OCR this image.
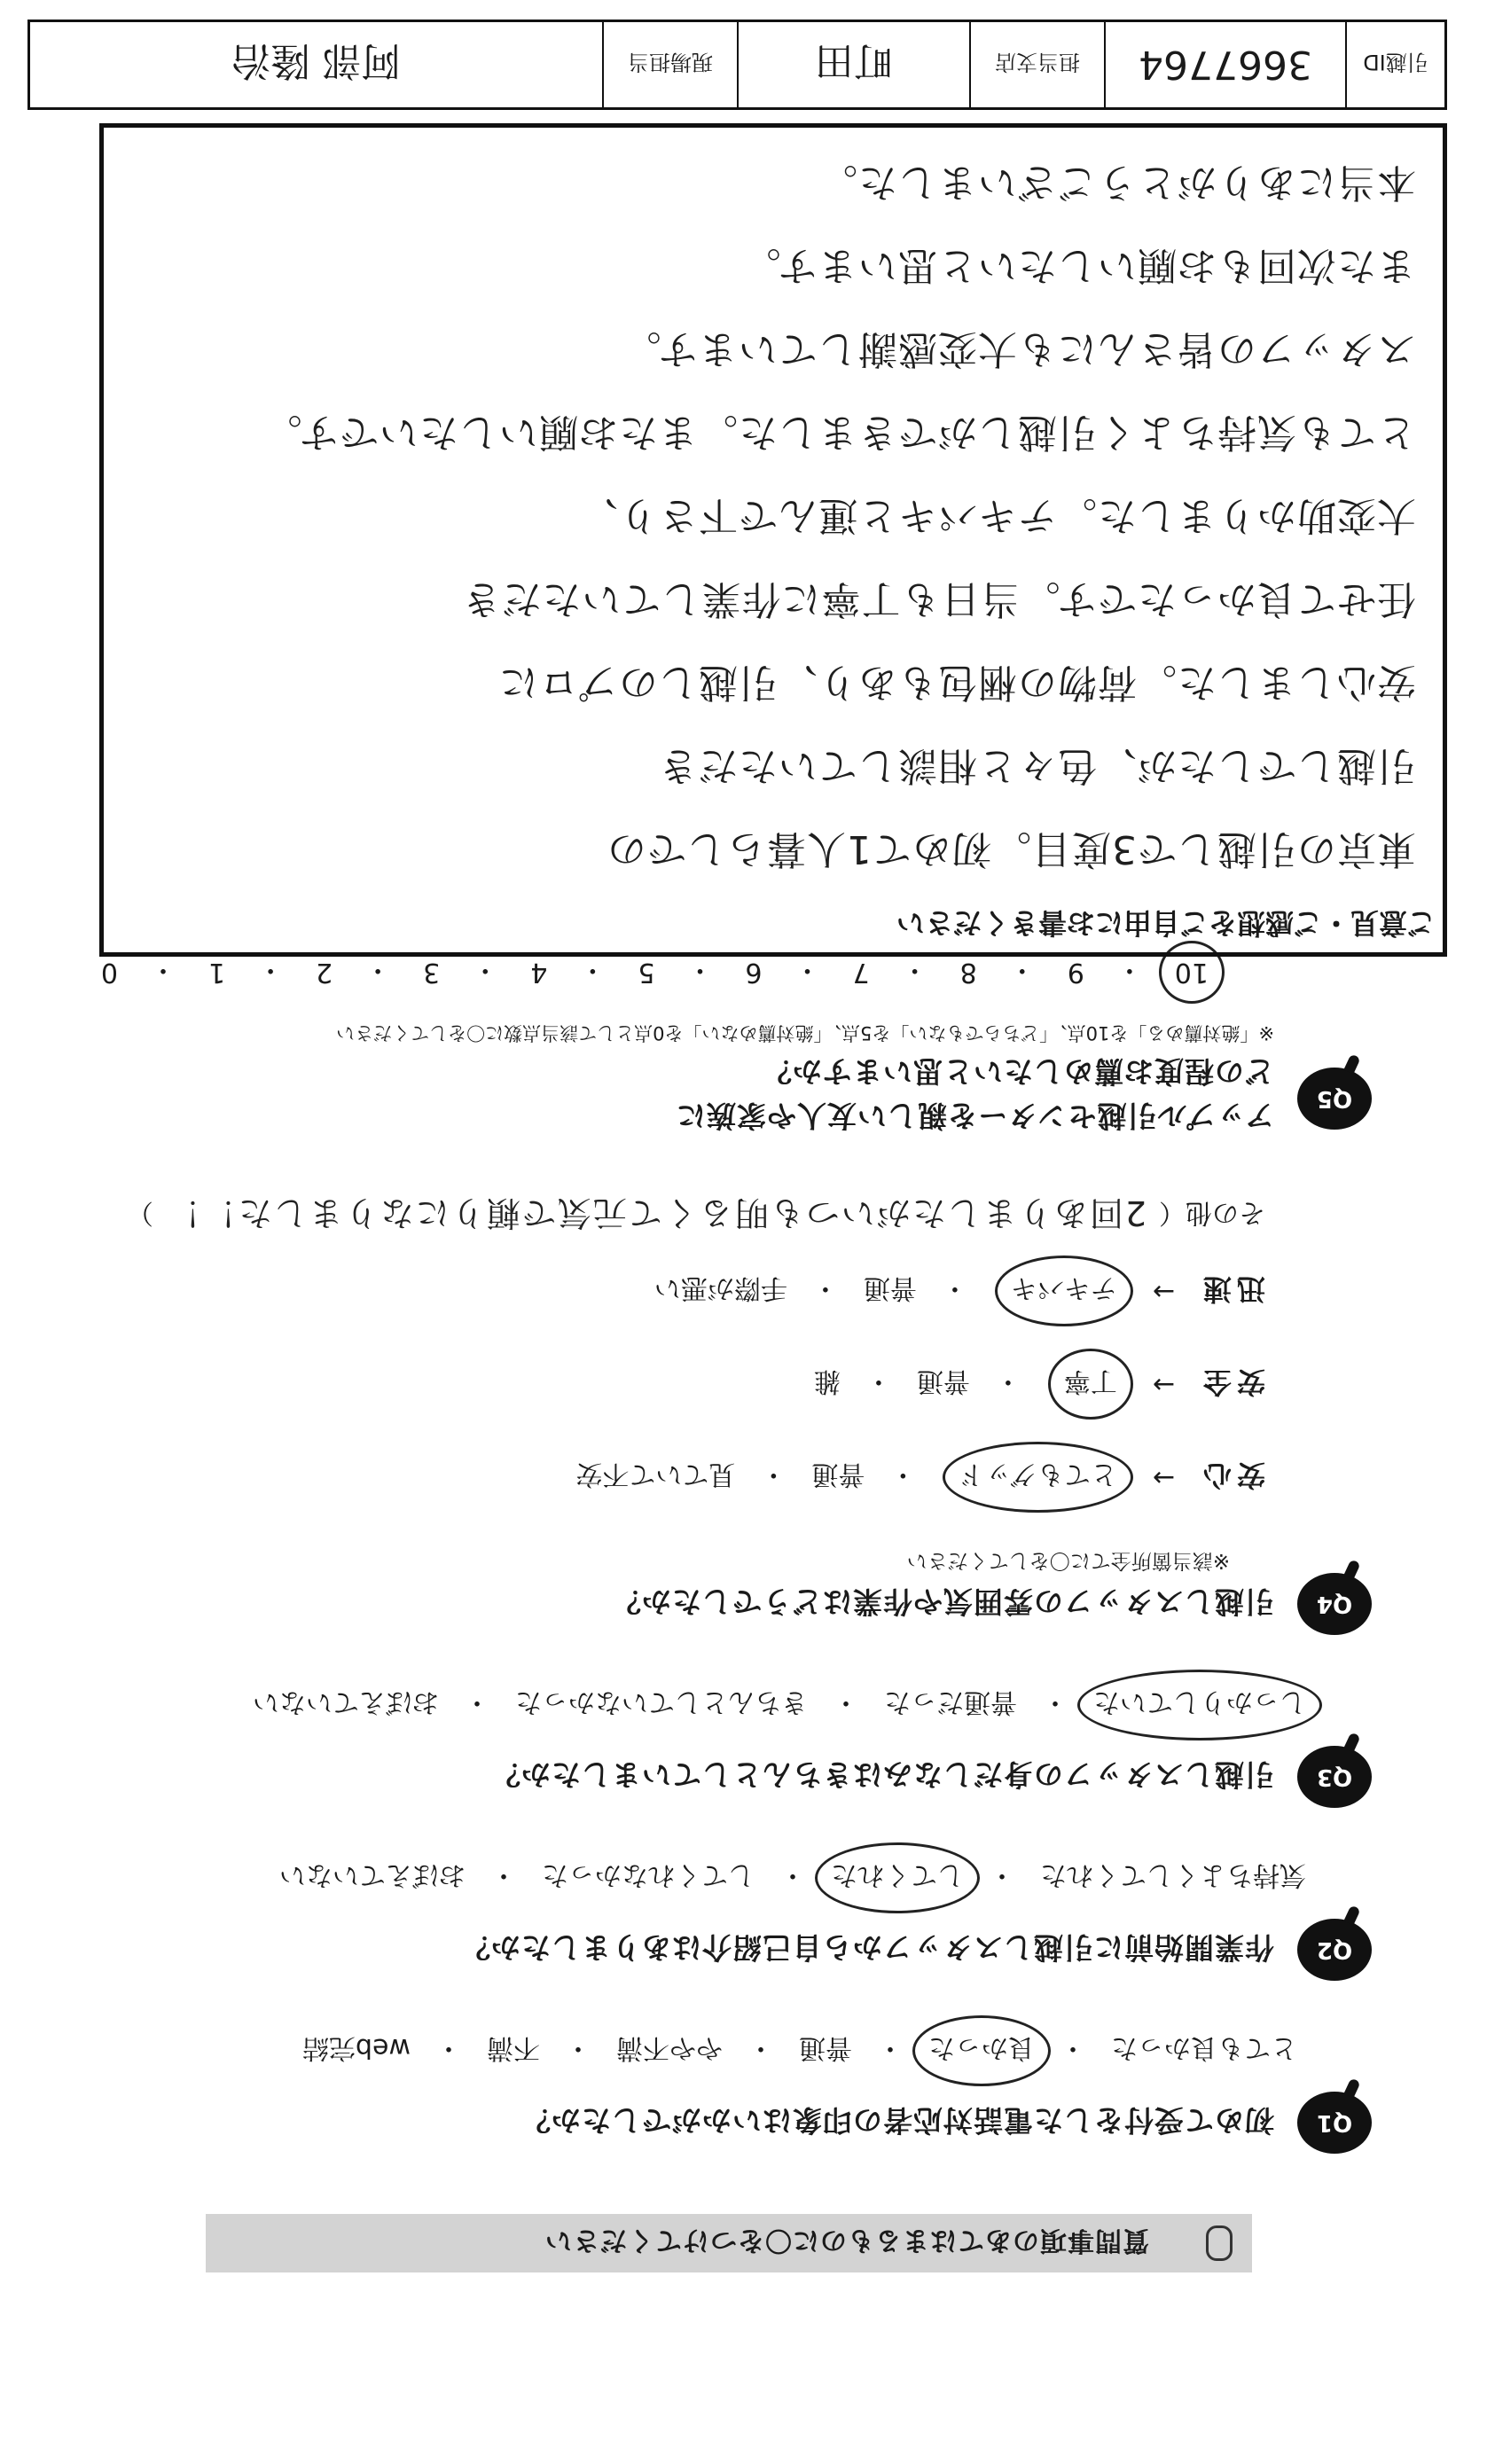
質問事項のあてはまるものに〇をつけてください
Q1
初めて受付をした電話対応者の印象はいかがでしたか？
とても良かった
・
良かった
・
普通
・
やや不満
・
不満
・
web完結
Q2
作業開始前に引越しスタッフから自己紹介はありましたか？
気持ちよくしてくれた
・
してくれた
・
してくれなかった
・
おぼえていない
Q3
引越しスタッフの身だしなみはきちんとしていましたか？
しっかりしていた
・
普通だった
・
きちんとしていなかった
・
おぼえていない
Q4
引越しスタッフの雰囲気や作業はどうでしたか？
※該当箇所全てに〇をしてください
安心
→
とてもグッド
・
普通
・
見ていて不安
安全
→
丁寧
・
普通
・
雑
迅速
→
テキパキ
・
普通
・
手際が悪い
その他（
2回ありましたがいつも明るくて元気で頼りになりました！！
）
Q5
アップル引越センターを親しい友人や家族に
どの程度お薦めしたいと思いますか？
※「絶対薦める」を10点、「どちらでもない」を5点、「絶対薦めない」を0点として該当点数に〇をしてください
10
・
9
・
8
・
7
・
6
・
5
・
4
・
3
・
2
・
1
・
0
ご意見・ご感想をご自由にお書きください
東京の引越しで3度目。初めて1人暮らしでの
引越しでしたが、色々と相談していただき
安心しました。荷物の梱包もあり、引越しのプロに
任せて良かったです。当日も丁寧に作業していただき
大変助かりました。テキパキと運んで下さり、
とても気持ちよく引越しができました。またお願いしたいです。
スタッフの皆さんにも大変感謝しています。
また次回もお願いしたいと思います。
本当にありがとうございました。
引越ID
3667764
担当支店
町田
現場担当
阿部 隆治
